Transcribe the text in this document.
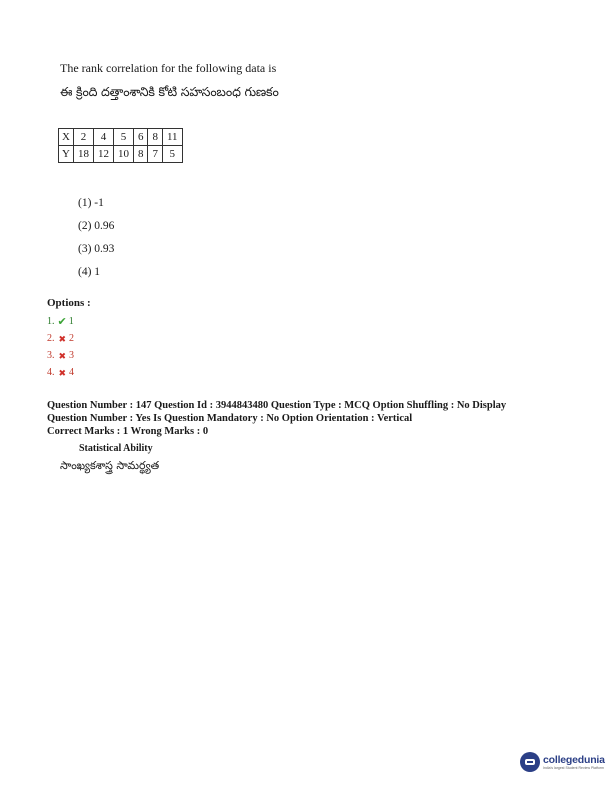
The rank correlation for the following data is
ఈ క్రింది దత్తాంశానికి కోటి సహసంబంధ గుణకం
X	2	4	5	6	8	11
Y	18	12	10	8	7	5
(1) -1
(2) 0.96
(3) 0.93
(4) 1
Options :
1. ✔ 1
2. ✖ 2
3. ✖ 3
4. ✖ 4
Question Number : 147 Question Id : 3944843480 Question Type : MCQ Option Shuffling : No Display
Question Number : Yes Is Question Mandatory : No Option Orientation : Vertical
Correct Marks : 1 Wrong Marks : 0
Statistical Ability
సాంఖ్యకశాస్త్ర సామర్థ్యత
collegedunia
India's largest Student Review Platform
